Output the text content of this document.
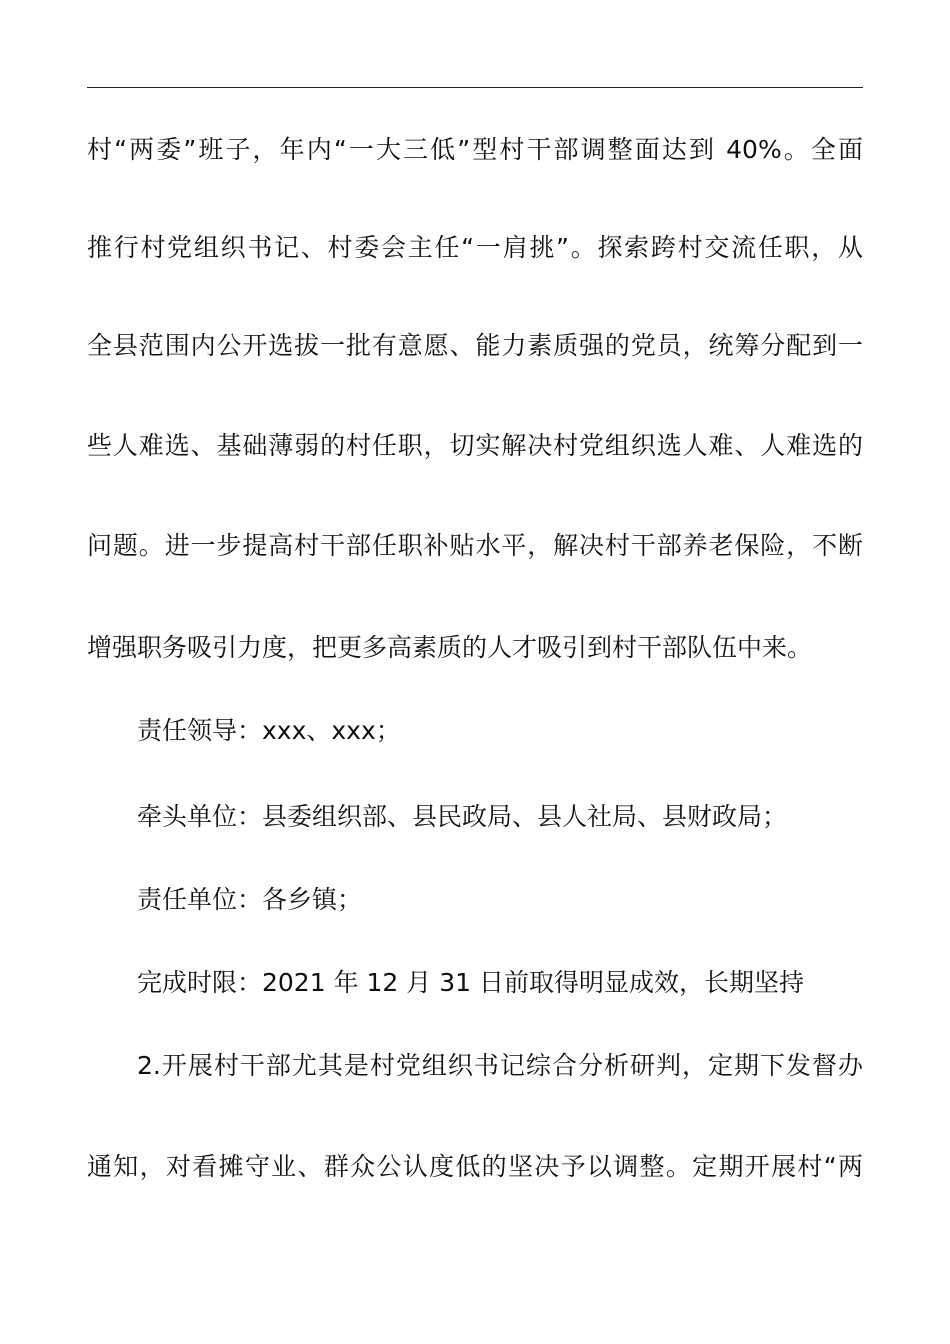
村“两委”班子，年内“一大三低”型村干部调整面达到 40%。全面
推行村党组织书记、村委会主任“一肩挑”。探索跨村交流任职，从
全县范围内公开选拔一批有意愿、能力素质强的党员，统筹分配到一
些人难选、基础薄弱的村任职，切实解决村党组织选人难、人难选的
问题。进一步提高村干部任职补贴水平，解决村干部养老保险，不断
增强职务吸引力度，把更多高素质的人才吸引到村干部队伍中来。
责任领导：xxx、xxx；
牵头单位：县委组织部、县民政局、县人社局、县财政局；
责任单位：各乡镇；
完成时限：2021 年 12 月 31 日前取得明显成效，长期坚持
2.开展村干部尤其是村党组织书记综合分析研判，定期下发督办
通知，对看摊守业、群众公认度低的坚决予以调整。定期开展村“两
